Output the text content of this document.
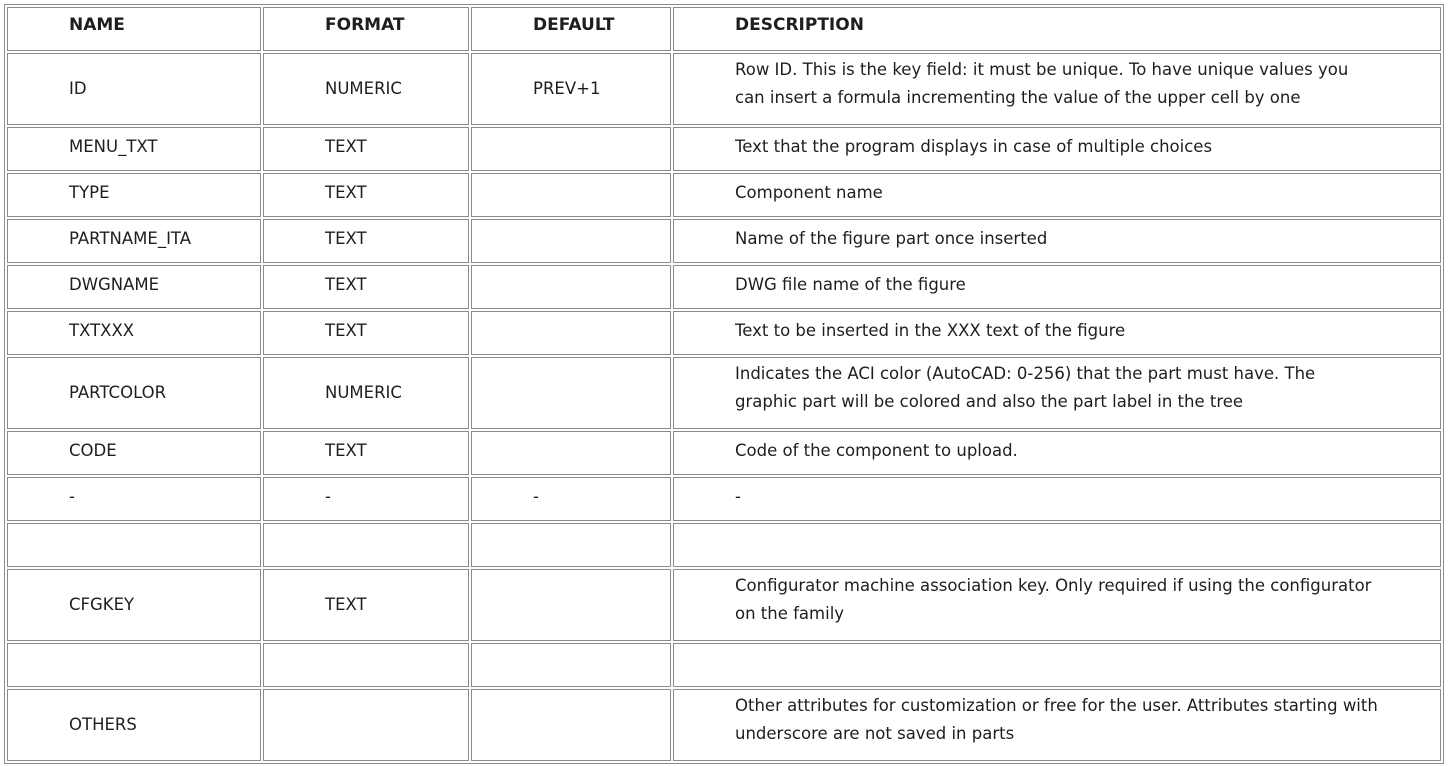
NAME	FORMAT	DEFAULT	DESCRIPTION
ID	NUMERIC	PREV+1	Row ID. This is the key field: it must be unique. To have unique values you can insert a formula incrementing the value of the upper cell by one
MENU_TXT	TEXT		Text that the program displays in case of multiple choices
TYPE	TEXT		Component name
PARTNAME_ITA	TEXT		Name of the figure part once inserted
DWGNAME	TEXT		DWG file name of the figure
TXTXXX	TEXT		Text to be inserted in the XXX text of the figure
PARTCOLOR	NUMERIC		Indicates the ACI color (AutoCAD: 0-256) that the part must have. The graphic part will be colored and also the part label in the tree
CODE	TEXT		Code of the component to upload.
-	-	-	-

CFGKEY	TEXT		Configurator machine association key. Only required if using the configurator on the family

OTHERS			Other attributes for customization or free for the user. Attributes starting with underscore are not saved in parts
